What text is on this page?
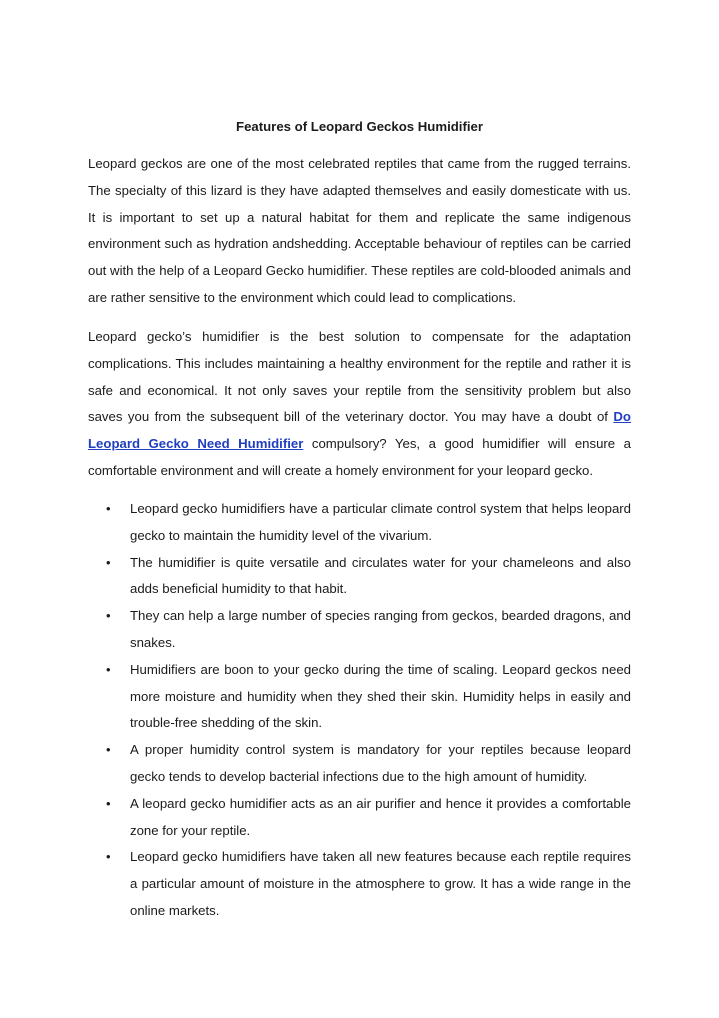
Features of Leopard Geckos Humidifier

Leopard geckos are one of the most celebrated reptiles that came from the rugged terrains. The specialty of this lizard is they have adapted themselves and easily domesticate with us. It is important to set up a natural habitat for them and replicate the same indigenous environment such as hydration andshedding. Acceptable behaviour of reptiles can be carried out with the help of a Leopard Gecko humidifier. These reptiles are cold-blooded animals and are rather sensitive to the environment which could lead to complications.

Leopard gecko’s humidifier is the best solution to compensate for the adaptation complications. This includes maintaining a healthy environment for the reptile and rather it is safe and economical. It not only saves your reptile from the sensitivity problem but also saves you from the subsequent bill of the veterinary doctor. You may have a doubt of Do Leopard Gecko Need Humidifier compulsory? Yes, a good humidifier will ensure a comfortable environment and will create a homely environment for your leopard gecko.

• Leopard gecko humidifiers have a particular climate control system that helps leopard gecko to maintain the humidity level of the vivarium.
• The humidifier is quite versatile and circulates water for your chameleons and also adds beneficial humidity to that habit.
• They can help a large number of species ranging from geckos, bearded dragons, and snakes.
• Humidifiers are boon to your gecko during the time of scaling. Leopard geckos need more moisture and humidity when they shed their skin. Humidity helps in easily and trouble-free shedding of the skin.
• A proper humidity control system is mandatory for your reptiles because leopard gecko tends to develop bacterial infections due to the high amount of humidity.
• A leopard gecko humidifier acts as an air purifier and hence it provides a comfortable zone for your reptile.
• Leopard gecko humidifiers have taken all new features because each reptile requires a particular amount of moisture in the atmosphere to grow. It has a wide range in the online markets.
